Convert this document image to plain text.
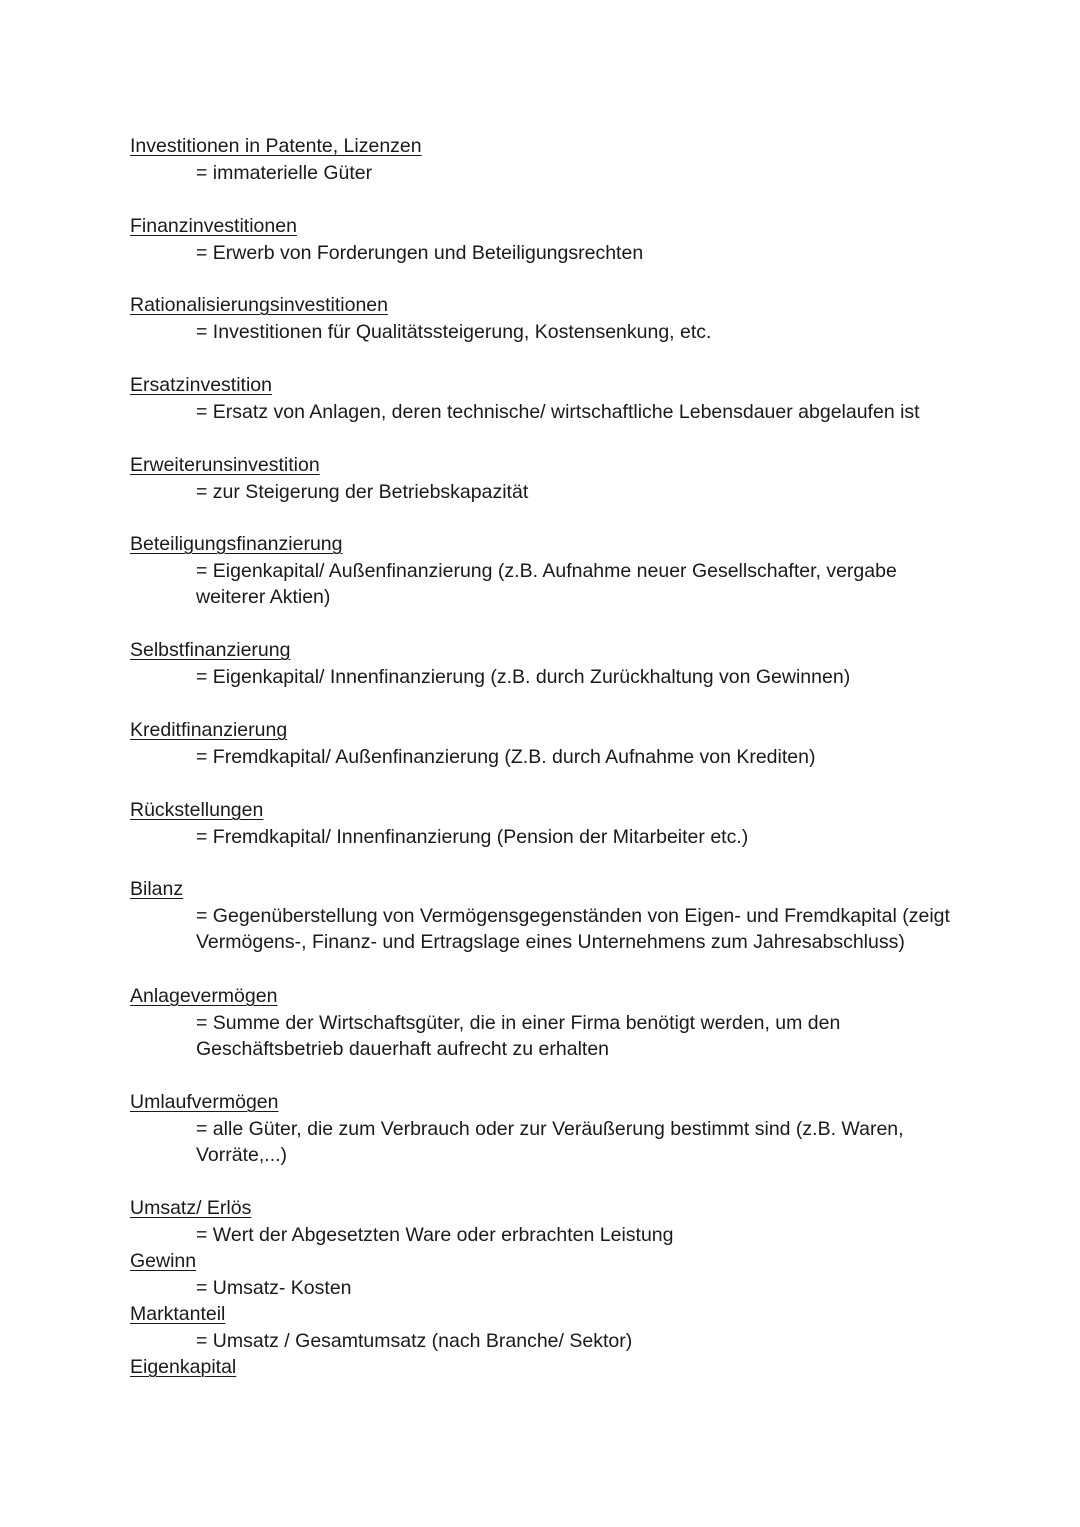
Investitionen in Patente, Lizenzen
= immaterielle Güter
Finanzinvestitionen
= Erwerb von Forderungen und Beteiligungsrechten
Rationalisierungsinvestitionen
= Investitionen für Qualitätssteigerung, Kostensenkung, etc.
Ersatzinvestition
= Ersatz von Anlagen, deren technische/ wirtschaftliche Lebensdauer abgelaufen ist
Erweiterunsinvestition
= zur Steigerung der Betriebskapazität
Beteiligungsfinanzierung
= Eigenkapital/ Außenfinanzierung (z.B. Aufnahme neuer Gesellschafter, vergabe
weiterer Aktien)
Selbstfinanzierung
= Eigenkapital/ Innenfinanzierung (z.B. durch Zurückhaltung von Gewinnen)
Kreditfinanzierung
= Fremdkapital/ Außenfinanzierung (Z.B. durch Aufnahme von Krediten)
Rückstellungen
= Fremdkapital/ Innenfinanzierung (Pension der Mitarbeiter etc.)
Bilanz
= Gegenüberstellung von Vermögensgegenständen von Eigen- und Fremdkapital (zeigt
Vermögens-, Finanz- und Ertragslage eines Unternehmens zum Jahresabschluss)
Anlagevermögen
= Summe der Wirtschaftsgüter, die in einer Firma benötigt werden, um den
Geschäftsbetrieb dauerhaft aufrecht zu erhalten
Umlaufvermögen
= alle Güter, die zum Verbrauch oder zur Veräußerung bestimmt sind (z.B. Waren,
Vorräte,...)
Umsatz/ Erlös
= Wert der Abgesetzten Ware oder erbrachten Leistung
Gewinn
= Umsatz- Kosten
Marktanteil
= Umsatz / Gesamtumsatz (nach Branche/ Sektor)
Eigenkapital
